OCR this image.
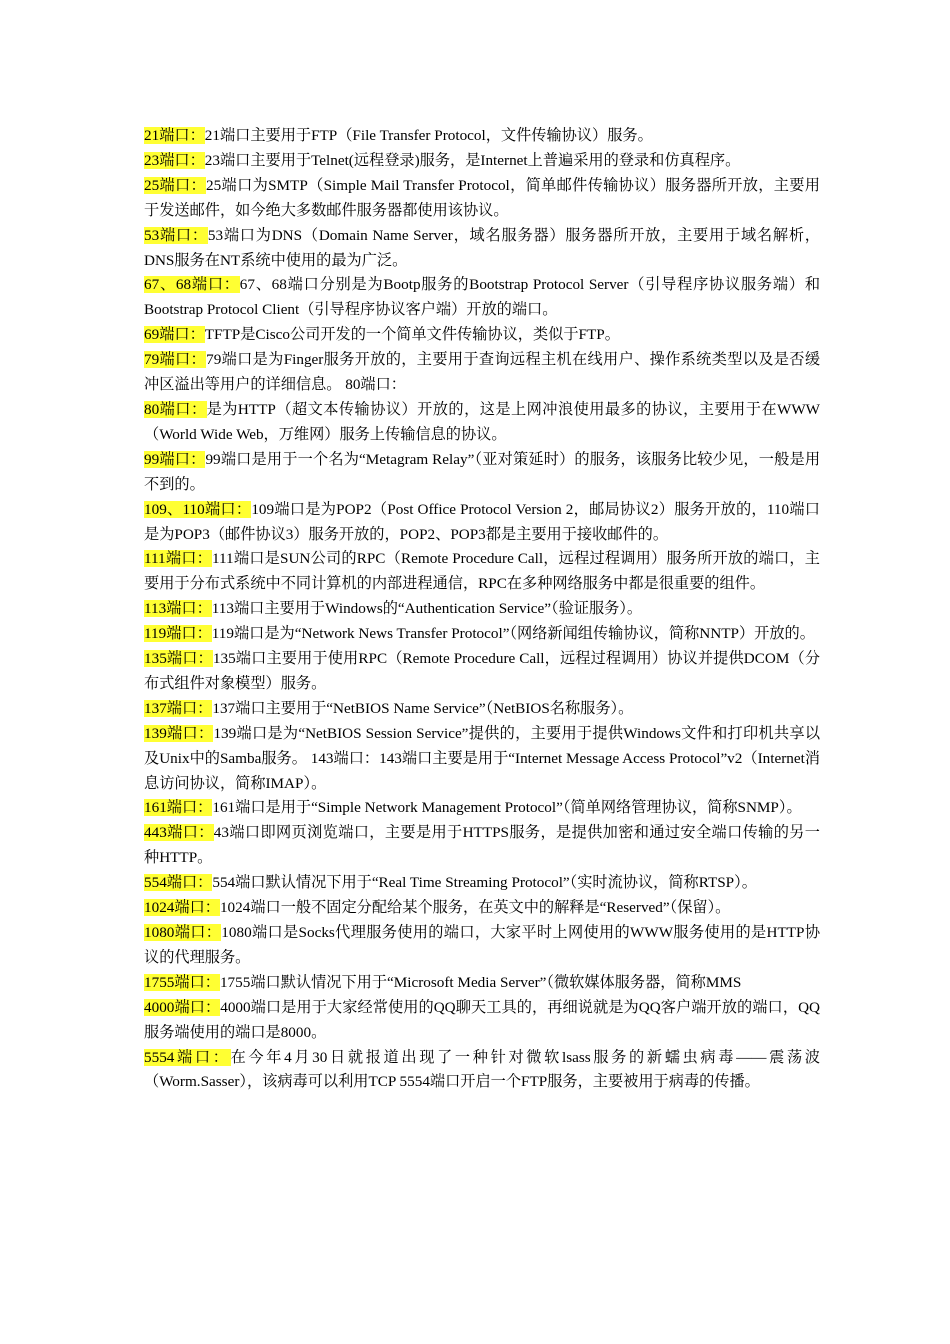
21端口：21端口主要用于FTP（File Transfer Protocol，文件传输协议）服务。

23端口：23端口主要用于Telnet(远程登录)服务，是Internet上普遍采用的登录和仿真程序。

25端口：25端口为SMTP（Simple Mail Transfer Protocol，简单邮件传输协议）服务器所开放，主要用于发送邮件，如今绝大多数邮件服务器都使用该协议。

53端口：53端口为DNS（Domain Name Server，域名服务器）服务器所开放，主要用于域名解析，DNS服务在NT系统中使用的最为广泛。

67、68端口：67、68端口分别是为Bootp服务的Bootstrap Protocol Server（引导程序协议服务端）和Bootstrap Protocol Client（引导程序协议客户端）开放的端口。

69端口：TFTP是Cisco公司开发的一个简单文件传输协议，类似于FTP。

79端口：79端口是为Finger服务开放的，主要用于查询远程主机在线用户、操作系统类型以及是否缓冲区溢出等用户的详细信息。 80端口：

80端口：是为HTTP（超文本传输协议）开放的，这是上网冲浪使用最多的协议，主要用于在WWW（World Wide Web，万维网）服务上传输信息的协议。

99端口：99端口是用于一个名为“Metagram Relay”（亚对策延时）的服务，该服务比较少见，一般是用不到的。

109、110端口：109端口是为POP2（Post Office Protocol Version 2，邮局协议2）服务开放的，110端口是为POP3（邮件协议3）服务开放的，POP2、POP3都是主要用于接收邮件的。

111端口：111端口是SUN公司的RPC（Remote Procedure Call，远程过程调用）服务所开放的端口，主要用于分布式系统中不同计算机的内部进程通信，RPC在多种网络服务中都是很重要的组件。

113端口：113端口主要用于Windows的“Authentication Service”（验证服务）。

119端口：119端口是为“Network News Transfer Protocol”（网络新闻组传输协议，简称NNTP）开放的。

135端口：135端口主要用于使用RPC（Remote Procedure Call，远程过程调用）协议并提供DCOM（分布式组件对象模型）服务。

137端口：137端口主要用于“NetBIOS Name Service”（NetBIOS名称服务）。

139端口：139端口是为“NetBIOS Session Service”提供的，主要用于提供Windows文件和打印机共享以及Unix中的Samba服务。 143端口：143端口主要是用于“Internet Message Access Protocol”v2（Internet消息访问协议，简称IMAP）。

161端口：161端口是用于“Simple Network Management Protocol”（简单网络管理协议，简称SNMP）。

443端口：43端口即网页浏览端口，主要是用于HTTPS服务，是提供加密和通过安全端口传输的另一种HTTP。

554端口：554端口默认情况下用于“Real Time Streaming Protocol”（实时流协议，简称RTSP）。

1024端口：1024端口一般不固定分配给某个服务，在英文中的解释是“Reserved”（保留）。

1080端口：1080端口是Socks代理服务使用的端口，大家平时上网使用的WWW服务使用的是HTTP协议的代理服务。

1755端口：1755端口默认情况下用于“Microsoft Media Server”（微软媒体服务器，简称MMS

4000端口：4000端口是用于大家经常使用的QQ聊天工具的，再细说就是为QQ客户端开放的端口，QQ服务端使用的端口是8000。

5554端口：在今年4月30日就报道出现了一种针对微软lsass服务的新蠕虫病毒——震荡波（Worm.Sasser），该病毒可以利用TCP 5554端口开启一个FTP服务，主要被用于病毒的传播。
